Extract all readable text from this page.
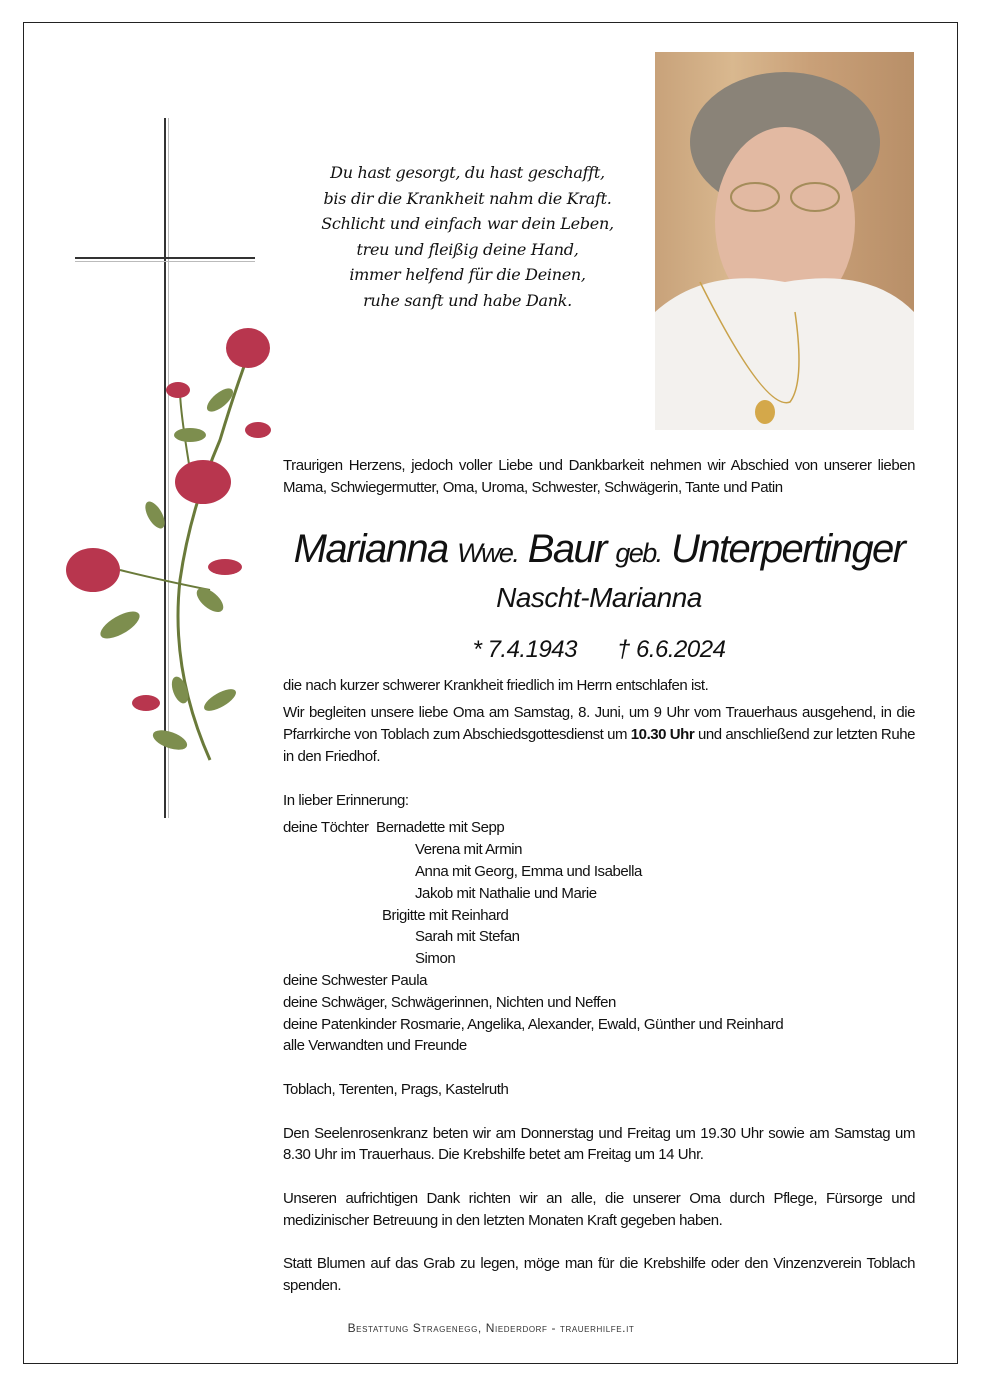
Du hast gesorgt, du hast geschafft,
bis dir die Krankheit nahm die Kraft.
Schlicht und einfach war dein Leben,
treu und fleißig deine Hand,
immer helfend für die Deinen,
ruhe sanft und habe Dank.

Traurigen Herzens, jedoch voller Liebe und Dankbarkeit nehmen wir Abschied von unserer lieben Mama, Schwiegermutter, Oma, Uroma, Schwester, Schwägerin, Tante und Patin

Marianna Wwe. Baur geb. Unterpertinger
Nascht-Marianna
* 7.4.1943 † 6.6.2024

die nach kurzer schwerer Krankheit friedlich im Herrn entschlafen ist.

Wir begleiten unsere liebe Oma am Samstag, 8. Juni, um 9 Uhr vom Trauerhaus ausgehend, in die Pfarrkirche von Toblach zum Abschiedsgottesdienst um 10.30 Uhr und anschließend zur letzten Ruhe in den Friedhof.

In lieber Erinnerung:
deine Töchter Bernadette mit Sepp
Verena mit Armin
Anna mit Georg, Emma und Isabella
Jakob mit Nathalie und Marie
Brigitte mit Reinhard
Sarah mit Stefan
Simon
deine Schwester Paula
deine Schwäger, Schwägerinnen, Nichten und Neffen
deine Patenkinder Rosmarie, Angelika, Alexander, Ewald, Günther und Reinhard
alle Verwandten und Freunde
Toblach, Terenten, Prags, Kastelruth

Den Seelenrosenkranz beten wir am Donnerstag und Freitag um 19.30 Uhr sowie am Samstag um 8.30 Uhr im Trauerhaus. Die Krebshilfe betet am Freitag um 14 Uhr.

Unseren aufrichtigen Dank richten wir an alle, die unserer Oma durch Pflege, Fürsorge und medizinischer Betreuung in den letzten Monaten Kraft gegeben haben.

Statt Blumen auf das Grab zu legen, möge man für die Krebshilfe oder den Vinzenzverein Toblach spenden.

Bestattung Stragenegg, Niederdorf - trauerhilfe.it
